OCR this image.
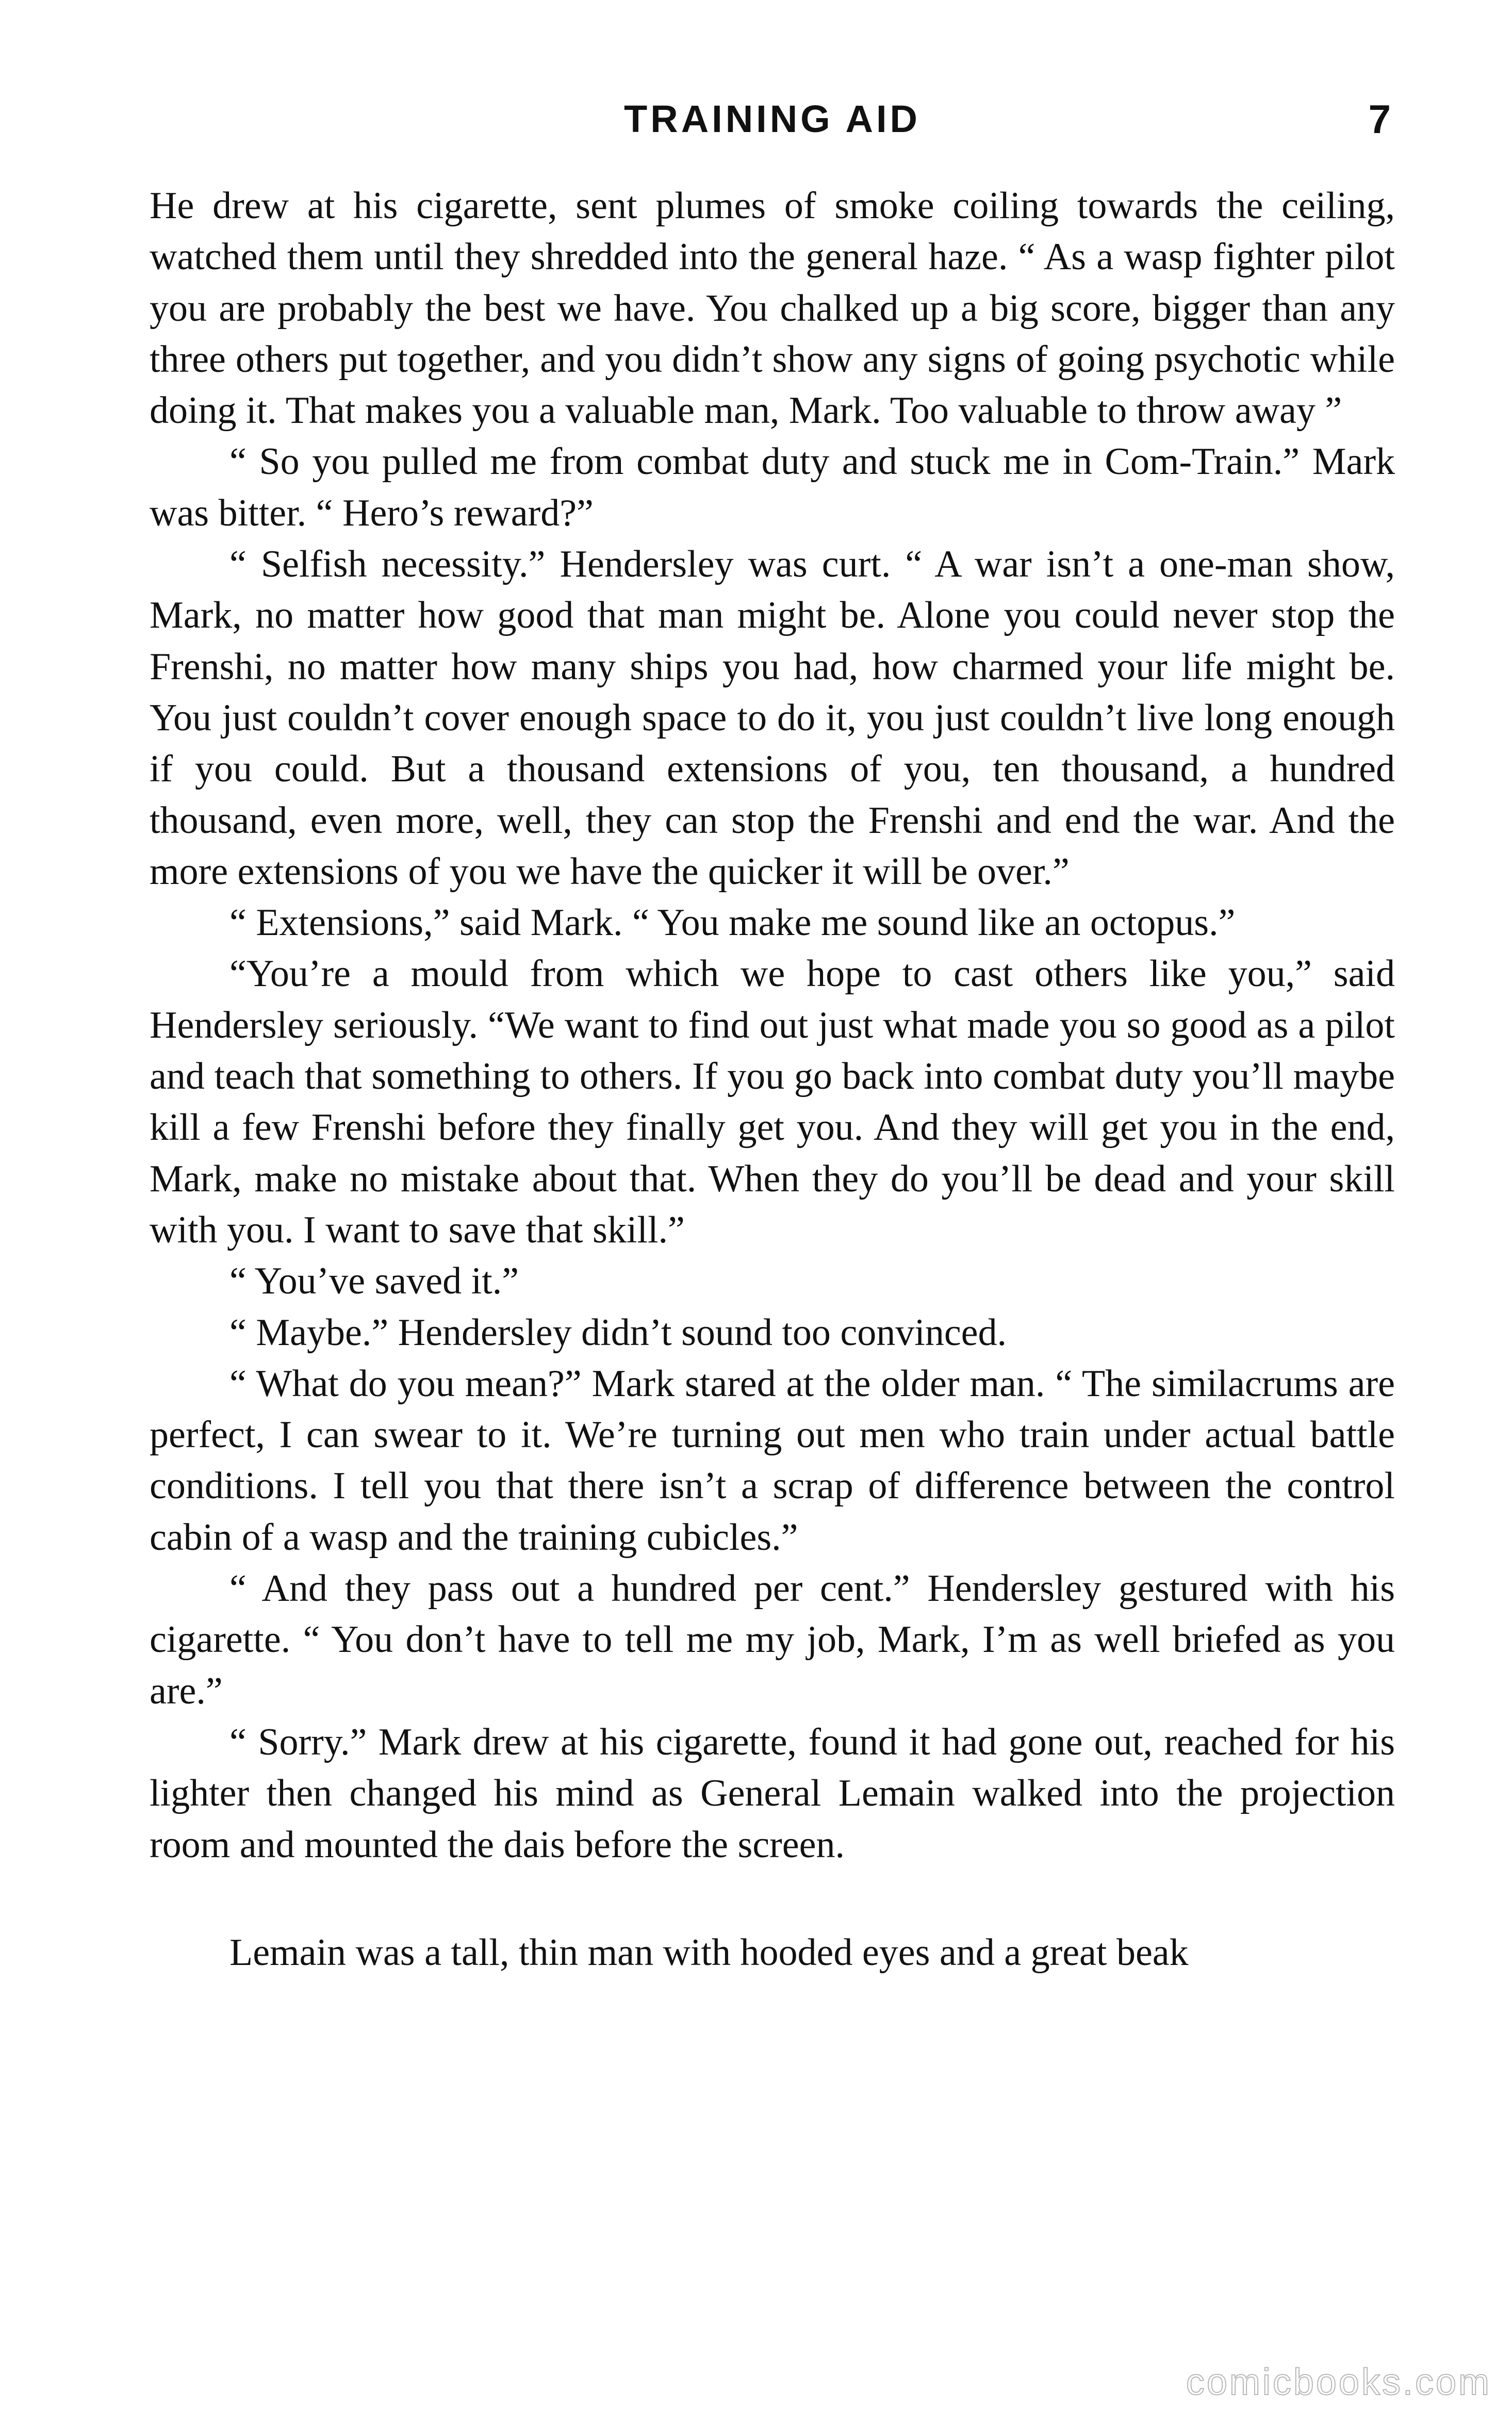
TRAINING AID	7

He drew at his cigarette, sent plumes of smoke coiling towards the ceiling, watched them until they shredded into the general haze. “ As a wasp fighter pilot you are probably the best we have. You chalked up a big score, bigger than any three others put together, and you didn’t show any signs of going psychotic while doing it. That makes you a valuable man, Mark. Too valuable to throw away ”

“ So you pulled me from combat duty and stuck me in Com-Train.” Mark was bitter. “ Hero’s reward?”

“ Selfish necessity.” Hendersley was curt. “ A war isn’t a one-man show, Mark, no matter how good that man might be. Alone you could never stop the Frenshi, no matter how many ships you had, how charmed your life might be. You just couldn’t cover enough space to do it, you just couldn’t live long enough if you could. But a thousand extensions of you, ten thousand, a hundred thousand, even more, well, they can stop the Frenshi and end the war. And the more extensions of you we have the quicker it will be over.”

“ Extensions,” said Mark. “ You make me sound like an octopus.”

“You’re a mould from which we hope to cast others like you,” said Hendersley seriously. “We want to find out just what made you so good as a pilot and teach that something to others. If you go back into combat duty you’ll maybe kill a few Frenshi before they finally get you. And they will get you in the end, Mark, make no mistake about that. When they do you’ll be dead and your skill with you. I want to save that skill.”

“ You’ve saved it.”

“ Maybe.” Hendersley didn’t sound too convinced.

“ What do you mean?” Mark stared at the older man. “ The similacrums are perfect, I can swear to it. We’re turning out men who train under actual battle conditions. I tell you that there isn’t a scrap of difference between the control cabin of a wasp and the training cubicles.”

“ And they pass out a hundred per cent.” Hendersley gestured with his cigarette. “ You don’t have to tell me my job, Mark, I’m as well briefed as you are.”

“ Sorry.” Mark drew at his cigarette, found it had gone out, reached for his lighter then changed his mind as General Lemain walked into the projection room and mounted the dais before the screen.

Lemain was a tall, thin man with hooded eyes and a great beak

comicbooks.com
